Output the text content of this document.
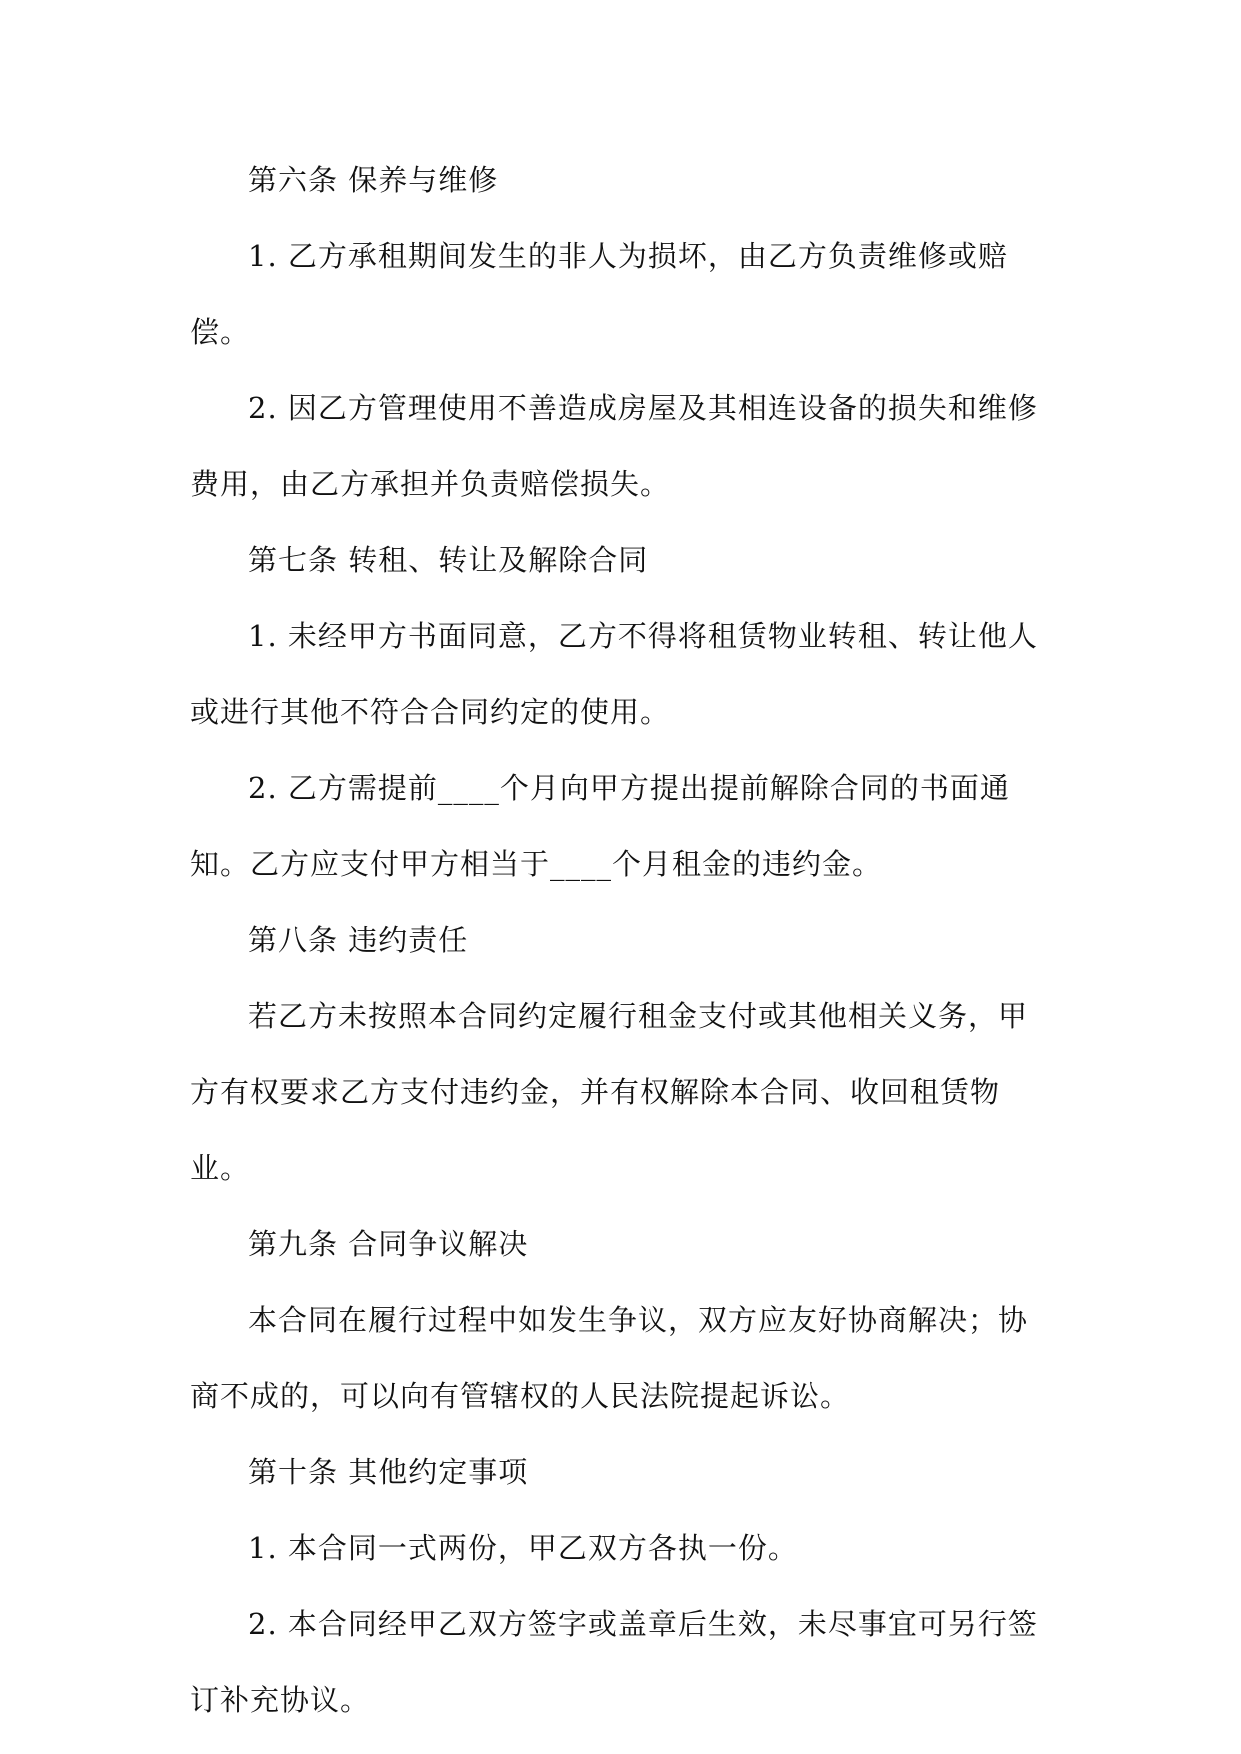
第六条 保养与维修

1. 乙方承租期间发生的非人为损坏，由乙方负责维修或赔偿。

2. 因乙方管理使用不善造成房屋及其相连设备的损失和维修费用，由乙方承担并负责赔偿损失。

第七条 转租、转让及解除合同

1. 未经甲方书面同意，乙方不得将租赁物业转租、转让他人或进行其他不符合合同约定的使用。

2. 乙方需提前____个月向甲方提出提前解除合同的书面通知。乙方应支付甲方相当于____个月租金的违约金。

第八条 违约责任

若乙方未按照本合同约定履行租金支付或其他相关义务，甲方有权要求乙方支付违约金，并有权解除本合同、收回租赁物业。

第九条 合同争议解决

本合同在履行过程中如发生争议，双方应友好协商解决；协商不成的，可以向有管辖权的人民法院提起诉讼。

第十条 其他约定事项

1. 本合同一式两份，甲乙双方各执一份。

2. 本合同经甲乙双方签字或盖章后生效，未尽事宜可另行签订补充协议。
